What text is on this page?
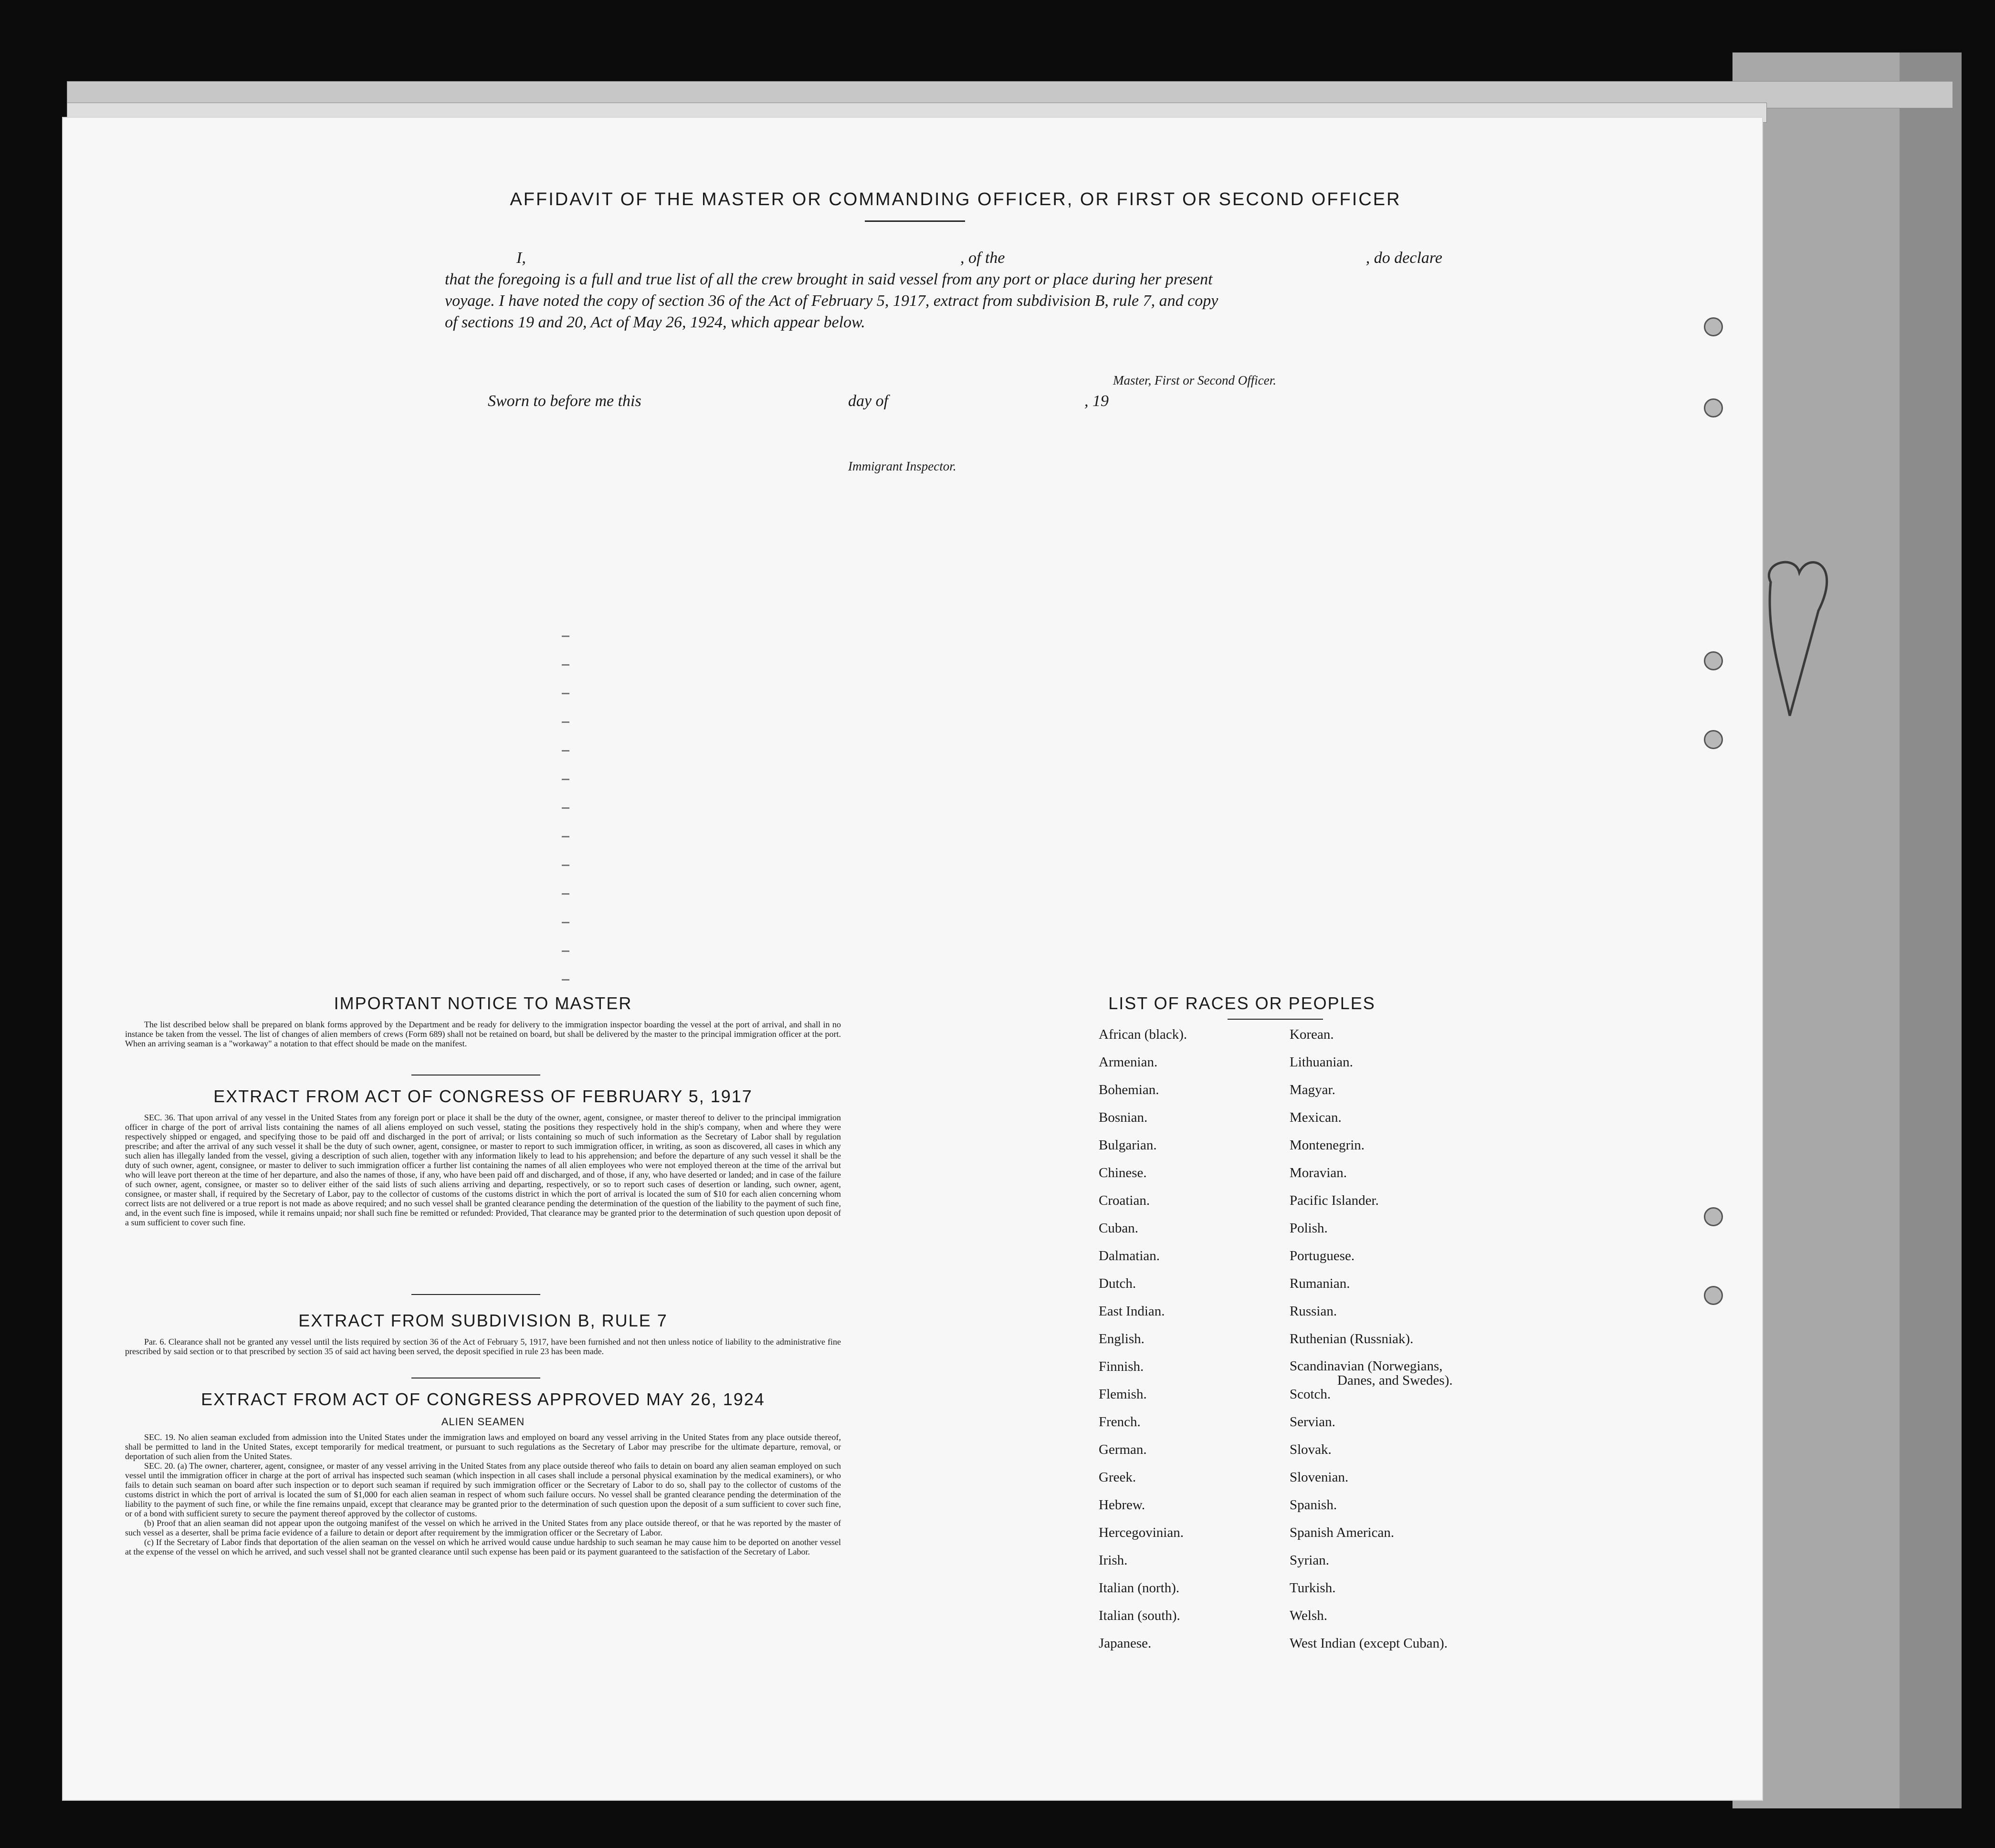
AFFIDAVIT OF THE MASTER OR COMMANDING OFFICER, OR FIRST OR SECOND OFFICER
I,	, of the	, do declare
that the foregoing is a full and true list of all the crew brought in said vessel from any port or place during her present
voyage. I have noted the copy of section 36 of the Act of February 5, 1917, extract from subdivision B, rule 7, and copy
of sections 19 and 20, Act of May 26, 1924, which appear below.
Master, First or Second Officer.
Sworn to before me this	day of	, 19
Immigrant Inspector.
IMPORTANT NOTICE TO MASTER
The list described below shall be prepared on blank forms approved by the Department and be ready for delivery to the immigration inspector boarding the vessel at the port of arrival, and shall in no instance be taken from the vessel. The list of changes of alien members of crews (Form 689) shall not be retained on board, but shall be delivered by the master to the principal immigration officer at the port. When an arriving seaman is a "workaway" a notation to that effect should be made on the manifest.
EXTRACT FROM ACT OF CONGRESS OF FEBRUARY 5, 1917
SEC. 36. That upon arrival of any vessel in the United States from any foreign port or place it shall be the duty of the owner, agent, consignee, or master thereof to deliver to the principal immigration officer in charge of the port of arrival lists containing the names of all aliens employed on such vessel, stating the positions they respectively hold in the ship's company, when and where they were respectively shipped or engaged, and specifying those to be paid off and discharged in the port of arrival; or lists containing so much of such information as the Secretary of Labor shall by regulation prescribe; and after the arrival of any such vessel it shall be the duty of such owner, agent, consignee, or master to report to such immigration officer, in writing, as soon as discovered, all cases in which any such alien has illegally landed from the vessel, giving a description of such alien, together with any information likely to lead to his apprehension; and before the departure of any such vessel it shall be the duty of such owner, agent, consignee, or master to deliver to such immigration officer a further list containing the names of all alien employees who were not employed thereon at the time of the arrival but who will leave port thereon at the time of her departure, and also the names of those, if any, who have been paid off and discharged, and of those, if any, who have deserted or landed; and in case of the failure of such owner, agent, consignee, or master so to deliver either of the said lists of such aliens arriving and departing, respectively, or so to report such cases of desertion or landing, such owner, agent, consignee, or master shall, if required by the Secretary of Labor, pay to the collector of customs of the customs district in which the port of arrival is located the sum of $10 for each alien concerning whom correct lists are not delivered or a true report is not made as above required; and no such vessel shall be granted clearance pending the determination of the question of the liability to the payment of such fine, and, in the event such fine is imposed, while it remains unpaid; nor shall such fine be remitted or refunded: Provided, That clearance may be granted prior to the determination of such question upon deposit of a sum sufficient to cover such fine.
EXTRACT FROM SUBDIVISION B, RULE 7
Par. 6. Clearance shall not be granted any vessel until the lists required by section 36 of the Act of February 5, 1917, have been furnished and not then unless notice of liability to the administrative fine prescribed by said section or to that prescribed by section 35 of said act having been served, the deposit specified in rule 23 has been made.
EXTRACT FROM ACT OF CONGRESS APPROVED MAY 26, 1924
ALIEN SEAMEN
SEC. 19. No alien seaman excluded from admission into the United States under the immigration laws and employed on board any vessel arriving in the United States from any place outside thereof, shall be permitted to land in the United States, except temporarily for medical treatment, or pursuant to such regulations as the Secretary of Labor may prescribe for the ultimate departure, removal, or deportation of such alien from the United States.
SEC. 20. (a) The owner, charterer, agent, consignee, or master of any vessel arriving in the United States from any place outside thereof who fails to detain on board any alien seaman employed on such vessel until the immigration officer in charge at the port of arrival has inspected such seaman (which inspection in all cases shall include a personal physical examination by the medical examiners), or who fails to detain such seaman on board after such inspection or to deport such seaman if required by such immigration officer or the Secretary of Labor to do so, shall pay to the collector of customs of the customs district in which the port of arrival is located the sum of $1,000 for each alien seaman in respect of whom such failure occurs. No vessel shall be granted clearance pending the determination of the liability to the payment of such fine, or while the fine remains unpaid, except that clearance may be granted prior to the determination of such question upon the deposit of a sum sufficient to cover such fine, or of a bond with sufficient surety to secure the payment thereof approved by the collector of customs.
(b) Proof that an alien seaman did not appear upon the outgoing manifest of the vessel on which he arrived in the United States from any place outside thereof, or that he was reported by the master of such vessel as a deserter, shall be prima facie evidence of a failure to detain or deport after requirement by the immigration officer or the Secretary of Labor.
(c) If the Secretary of Labor finds that deportation of the alien seaman on the vessel on which he arrived would cause undue hardship to such seaman he may cause him to be deported on another vessel at the expense of the vessel on which he arrived, and such vessel shall not be granted clearance until such expense has been paid or its payment guaranteed to the satisfaction of the Secretary of Labor.
LIST OF RACES OR PEOPLES
African (black).
Armenian.
Bohemian.
Bosnian.
Bulgarian.
Chinese.
Croatian.
Cuban.
Dalmatian.
Dutch.
East Indian.
English.
Finnish.
Flemish.
French.
German.
Greek.
Hebrew.
Hercegovinian.
Irish.
Italian (north).
Italian (south).
Japanese.
Korean.
Lithuanian.
Magyar.
Mexican.
Montenegrin.
Moravian.
Pacific Islander.
Polish.
Portuguese.
Rumanian.
Russian.
Ruthenian (Russniak).
Scandinavian (Norwegians,
Danes, and Swedes).
Scotch.
Servian.
Slovak.
Slovenian.
Spanish.
Spanish American.
Syrian.
Turkish.
Welsh.
West Indian (except Cuban).
